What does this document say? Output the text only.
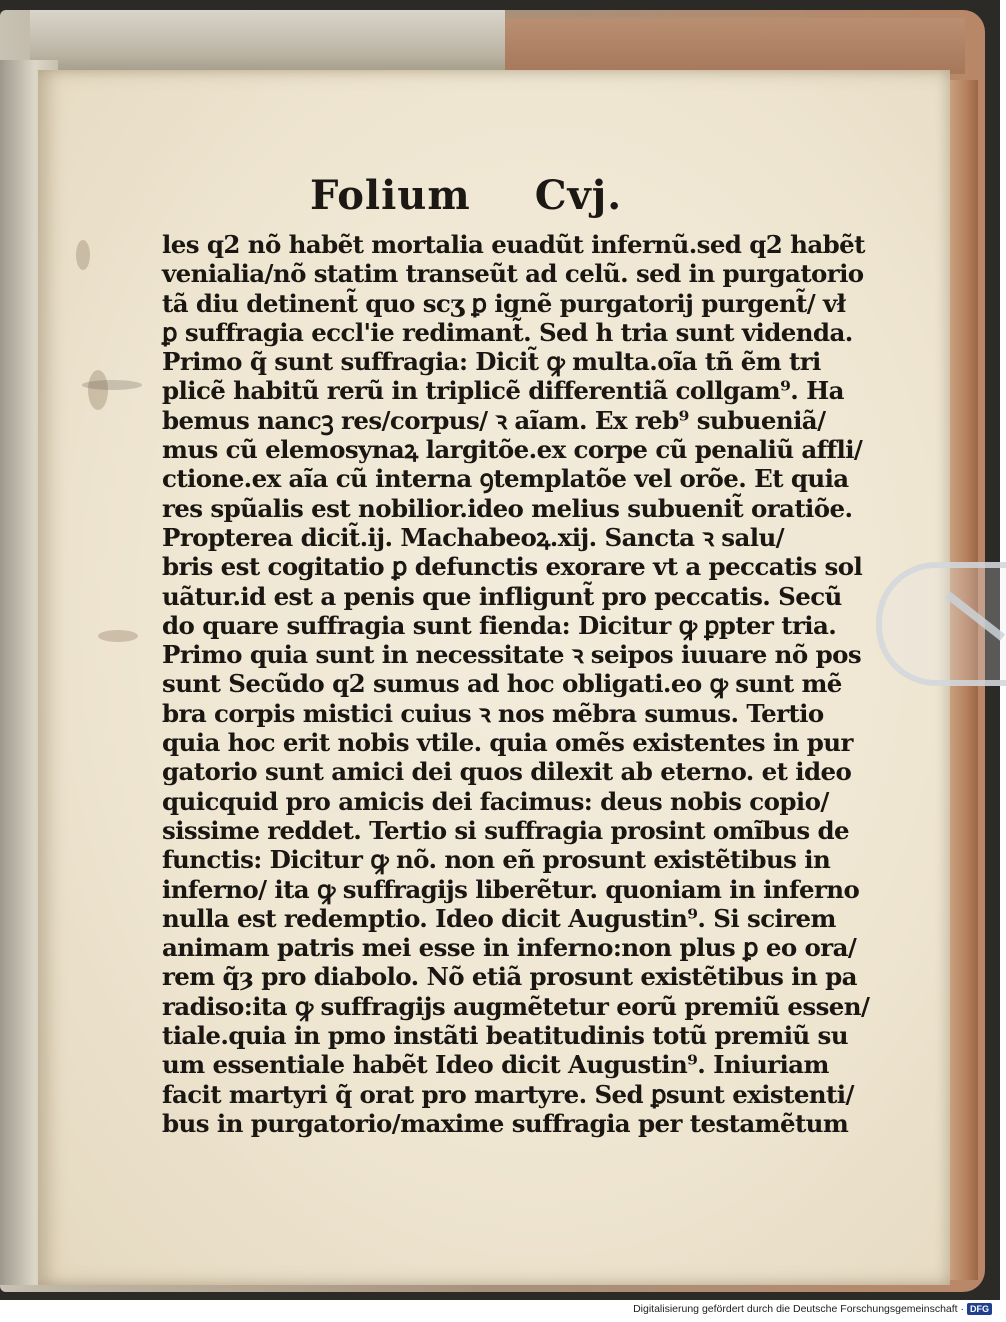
Folium Cvj.
les q2 nõ habẽt mortalia euadũt infernũ.sed q2 habẽt
venialia/nõ statim transeũt ad celũ. sed in purgatorio
tã diu detinent̃ quo scʒ ꝑ ignẽ purgatorij purgent̃/ vł
ꝑ suffragia eccl'ie redimant̃. Sed h tria sunt videnda.
Primo q̃ sunt suffragia: Dicit̃ ꝙ multa.oĩa tñ ẽm tri
plicẽ habitũ rerũ in triplicẽ differentiã collgam⁹. Ha
bemus nancꝫ res/corpus/ ꝛ aĩam. Ex reb⁹ subueniã/
mus cũ elemosynaꝝ largitõe.ex corpe cũ penaliũ affli/
ctione.ex aĩa cũ interna ꝯtemplatõe vel orõe. Et quia
res spũalis est nobilior.ideo melius subuenit̃ oratiõe.
Propterea dicit̃.ij. Machabeoꝝ.xij. Sancta ꝛ salu/
bris est cogitatio ꝑ defunctis exorare vt a peccatis sol
uãtur.id est a penis que infligunt̃ pro peccatis. Secũ
do quare suffragia sunt fienda: Dicitur ꝙ ꝑpter tria.
Primo quia sunt in necessitate ꝛ seipos iuuare nõ pos
sunt Secũdo q2 sumus ad hoc obligati.eo ꝙ sunt mẽ
bra corpis mistici cuius ꝛ nos mẽbra sumus. Tertio
quia hoc erit nobis vtile. quia omẽs existentes in pur
gatorio sunt amici dei quos dilexit ab eterno. et ideo
quicquid pro amicis dei facimus: deus nobis copio/
sissime reddet. Tertio si suffragia prosint omĩbus de
functis: Dicitur ꝙ nõ. non eñ prosunt existẽtibus in
inferno/ ita ꝙ suffragijs liberẽtur. quoniam in inferno
nulla est redemptio. Ideo dicit Augustin⁹. Si scirem
animam patris mei esse in inferno:non plus ꝑ eo ora/
rem q̃ȝ pro diabolo. Nõ etiã prosunt existẽtibus in pa
radiso:ita ꝙ suffragijs augmẽtetur eorũ premiũ essen/
tiale.quia in pmo instãti beatitudinis totũ premiũ su
um essentiale habẽt Ideo dicit Augustin⁹. Iniuriam
facit martyri q̃ orat pro martyre. Sed ꝑsunt existenti/
bus in purgatorio/maxime suffragia per testamẽtum
Digitalisierung gefördert durch die Deutsche Forschungsgemeinschaft · DFG
